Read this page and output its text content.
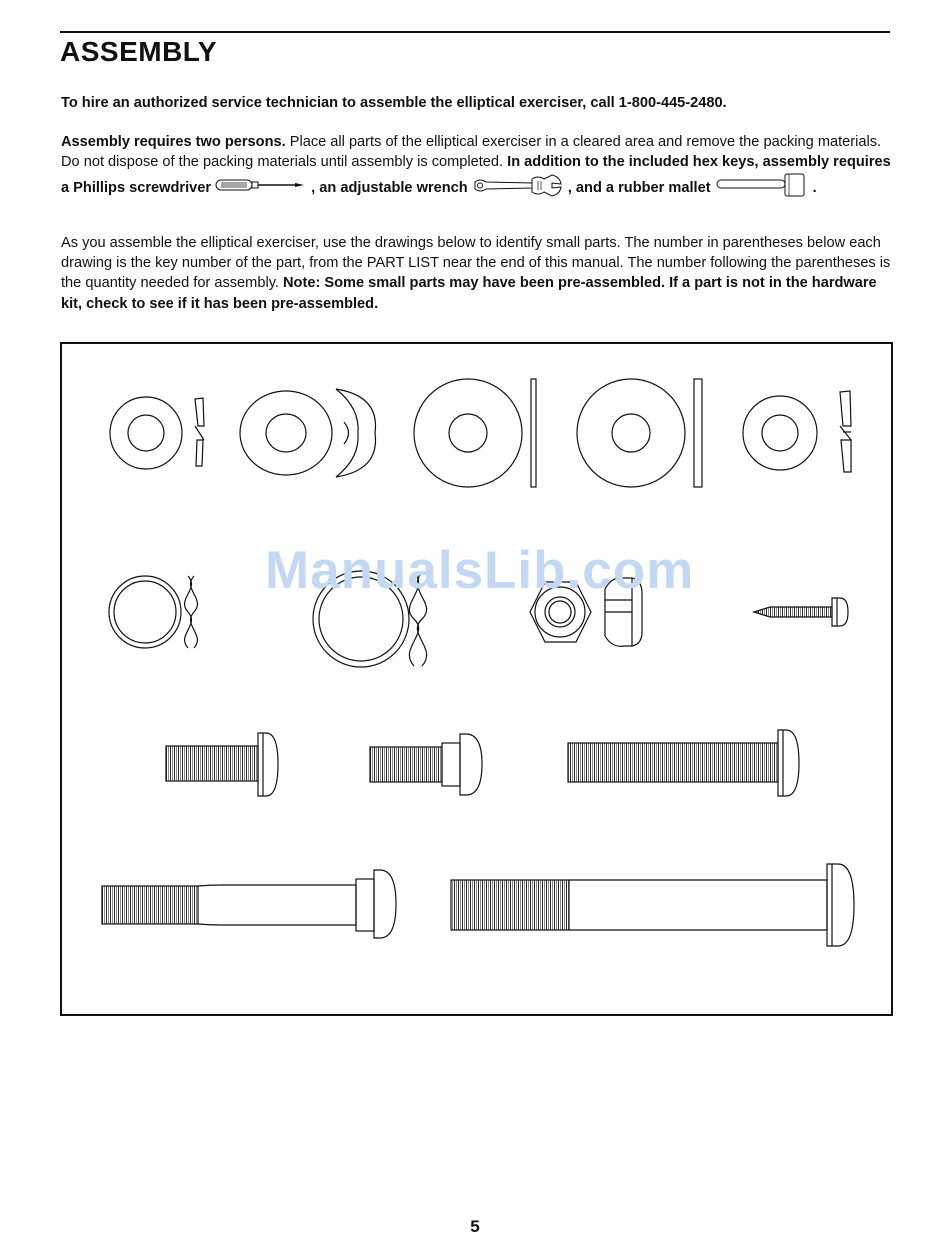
ASSEMBLY

To hire an authorized service technician to assemble the elliptical exerciser, call 1-800-445-2480.

Assembly requires two persons. Place all parts of the elliptical exerciser in a cleared area and remove the packing materials. Do not dispose of the packing materials until assembly is completed. In addition to the included hex keys, assembly requires a Phillips screwdriver	, an adjustable wrench	, and a rubber mallet	.

As you assemble the elliptical exerciser, use the drawings below to identify small parts. The number in parentheses below each drawing is the key number of the part, from the PART LIST near the end of this manual. The number following the parentheses is the quantity needed for assembly. Note: Some small parts may have been pre-assembled. If a part is not in the hardware kit, check to see if it has been pre-assembled.

ManualsLib.com
5
